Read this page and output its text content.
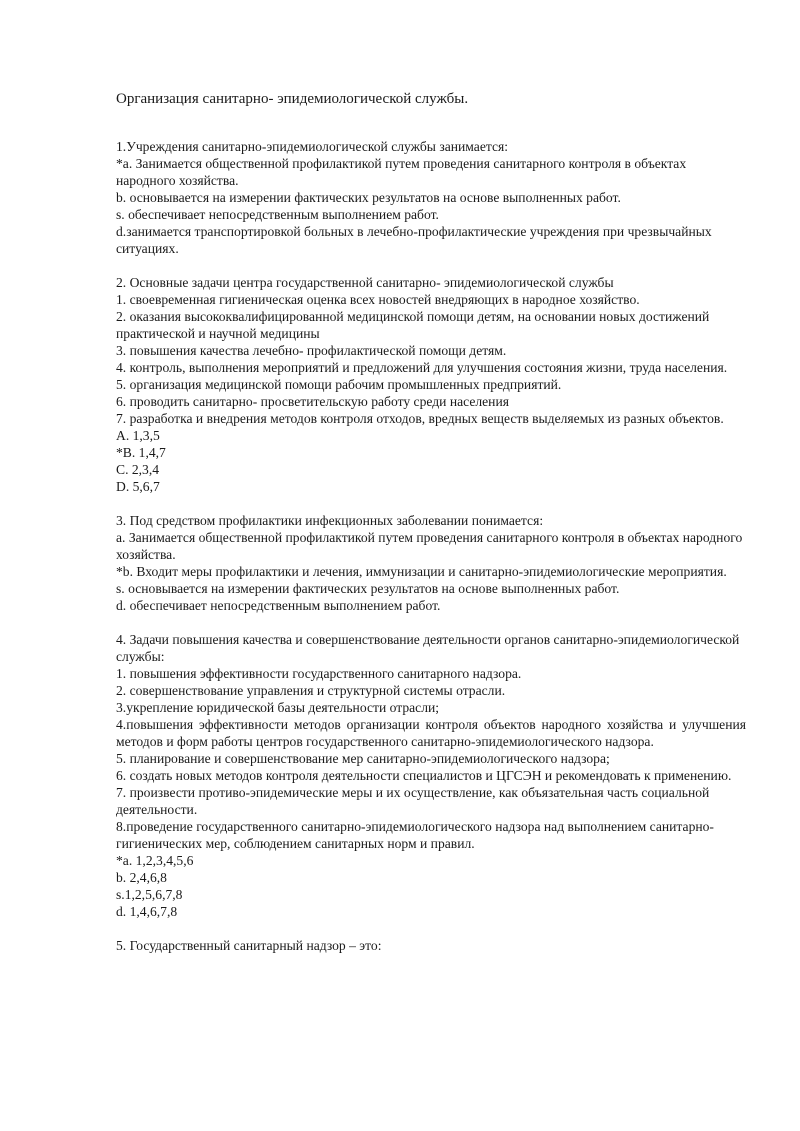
Организация санитарно- эпидемиологической службы.
1.Учреждения санитарно-эпидемиологической службы занимается:
*а. Занимается общественной профилактикой путем проведения санитарного контроля в объектах народного хозяйства.
b. основывается на измерении фактических результатов на основе выполненных работ.
s. обеспечивает непосредственным выполнением работ.
d.занимается транспортировкой больных в лечебно-профилактические учреждения при чрезвычайных ситуациях.
2. Основные задачи центра государственной санитарно- эпидемиологической службы
1. своевременная гигиеническая оценка всех новостей внедряющих в народное хозяйство.
2. оказания высококвалифицированной медицинской помощи детям, на основании новых достижений практической и научной медицины
3. повышения качества лечебно- профилактической помощи детям.
4. контроль, выполнения мероприятий и предложений для улучшения состояния жизни, труда населения.
5. организация медицинской помощи рабочим промышленных предприятий.
6. проводить санитарно- просветительскую работу среди населения
7. разработка и внедрения методов контроля отходов, вредных веществ выделяемых из разных объектов.
А. 1,3,5
*В. 1,4,7
С. 2,3,4
D. 5,6,7
3. Под средством профилактики инфекционных заболевании понимается:
а. Занимается общественной профилактикой путем проведения санитарного контроля в объектах народного хозяйства.
*b. Входит меры профилактики и лечения, иммунизации и санитарно-эпидемиологические мероприятия.
s. основывается на измерении фактических результатов на основе выполненных работ.
d. обеспечивает непосредственным выполнением работ.
4. Задачи повышения качества и совершенствование деятельности органов санитарно-эпидемиологической службы:
1. повышения эффективности государственного санитарного надзора.
2. совершенствование управления и структурной системы отрасли.
3.укрепление юридической базы деятельности отрасли;
4.повышения эффективности методов организации контроля объектов народного хозяйства и улучшения методов и форм работы центров государственного санитарно-эпидемиологического надзора.
5. планирование и совершенствование мер санитарно-эпидемиологического надзора;
6. создать новых методов контроля деятельности специалистов и ЦГСЭН и рекомендовать к применению.
7. произвести противо-эпидемические меры и их осуществление, как объязательная часть социальной деятельности.
8.проведение государственного санитарно-эпидемиологического надзора над выполнением санитарно-гигиенических мер, соблюдением санитарных норм и правил.
*а. 1,2,3,4,5,6
b. 2,4,6,8
s.1,2,5,6,7,8
d. 1,4,6,7,8
5. Государственный санитарный надзор – это:
